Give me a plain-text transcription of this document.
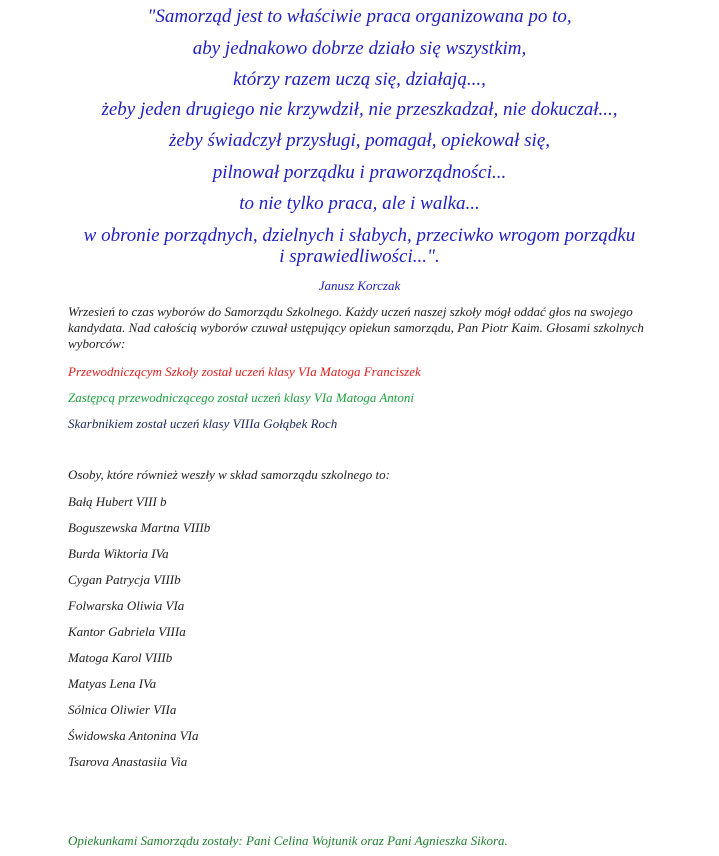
"Samorząd jest to właściwie praca organizowana po to,
aby jednakowo dobrze działo się wszystkim,
którzy razem uczą się, działają...,
żeby jeden drugiego nie krzywdził, nie przeszkadzał, nie dokuczał...,
żeby świadczył przysługi, pomagał, opiekował się,
pilnował porządku i praworządności...
to nie tylko praca, ale i walka...
w obronie porządnych, dzielnych i słabych, przeciwko wrogom porządku
i sprawiedliwości...".
Janusz Korczak
Wrzesień to czas wyborów do Samorządu Szkolnego. Każdy uczeń naszej szkoły mógł oddać głos na swojego kandydata. Nad całością wyborów czuwał ustępujący opiekun samorządu, Pan Piotr Kaim. Głosami szkolnych wyborców:
Przewodniczącym Szkoły został uczeń klasy VIa Matoga Franciszek
Zastępcą przewodniczącego został uczeń klasy VIa Matoga Antoni
Skarbnikiem został uczeń klasy VIIIa Gołąbek Roch
Osoby, które również weszły w skład samorządu szkolnego to:
Bałą Hubert VIII b
Boguszewska Martna VIIIb
Burda Wiktoria IVa
Cygan Patrycja VIIIb
Folwarska Oliwia VIa
Kantor Gabriela VIIIa
Matoga Karol VIIIb
Matyas Lena IVa
Sólnica Oliwier VIIa
Świdowska Antonina VIa
Tsarova Anastasiia Via
Opiekunkami Samorządu zostały: Pani Celina Wojtunik oraz Pani Agnieszka Sikora.
